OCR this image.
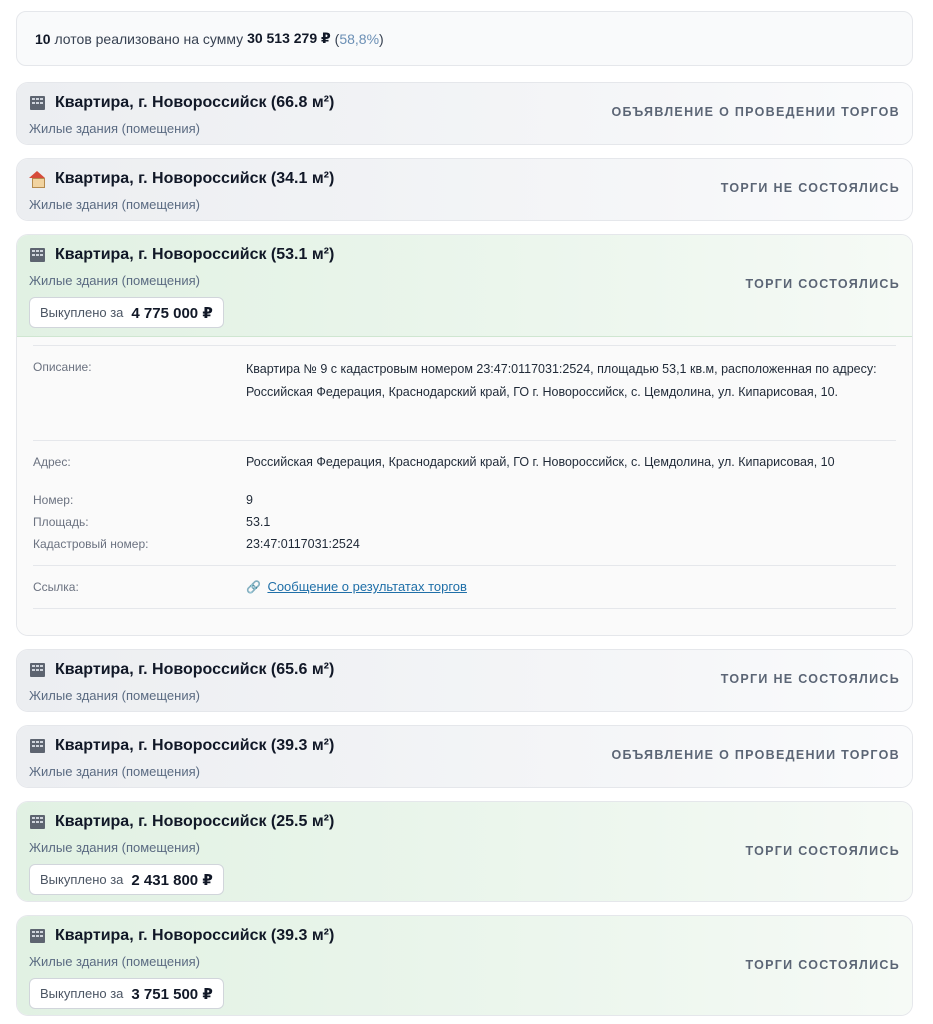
10 лотов реализовано на сумму 30 513 279 ₽ ( 58,8% )
Квартира, г. Новороссийск (66.8 м²)
Жилые здания (помещения)
ОБЪЯВЛЕНИЕ О ПРОВЕДЕНИИ ТОРГОВ
Квартира, г. Новороссийск (34.1 м²)
Жилые здания (помещения)
ТОРГИ НЕ СОСТОЯЛИСЬ
Квартира, г. Новороссийск (53.1 м²)
Жилые здания (помещения)
Выкуплено за 4 775 000 ₽
ТОРГИ СОСТОЯЛИСЬ
Описание:	Квартира № 9 с кадастровым номером 23:47:0117031:2524, площадью 53,1 кв.м, расположенная по адресу: Российская Федерация, Краснодарский край, ГО г. Новороссийск, с. Цемдолина, ул. Кипарисовая, 10.
Адрес:	Российская Федерация, Краснодарский край, ГО г. Новороссийск, с. Цемдолина, ул. Кипарисовая, 10
Номер:	9
Площадь:	53.1
Кадастровый номер:	23:47:0117031:2524
Ссылка:	🔗 Сообщение о результатах торгов
Квартира, г. Новороссийск (65.6 м²)
Жилые здания (помещения)
ТОРГИ НЕ СОСТОЯЛИСЬ
Квартира, г. Новороссийск (39.3 м²)
Жилые здания (помещения)
ОБЪЯВЛЕНИЕ О ПРОВЕДЕНИИ ТОРГОВ
Квартира, г. Новороссийск (25.5 м²)
Жилые здания (помещения)
Выкуплено за 2 431 800 ₽
ТОРГИ СОСТОЯЛИСЬ
Квартира, г. Новороссийск (39.3 м²)
Жилые здания (помещения)
Выкуплено за 3 751 500 ₽
ТОРГИ СОСТОЯЛИСЬ
